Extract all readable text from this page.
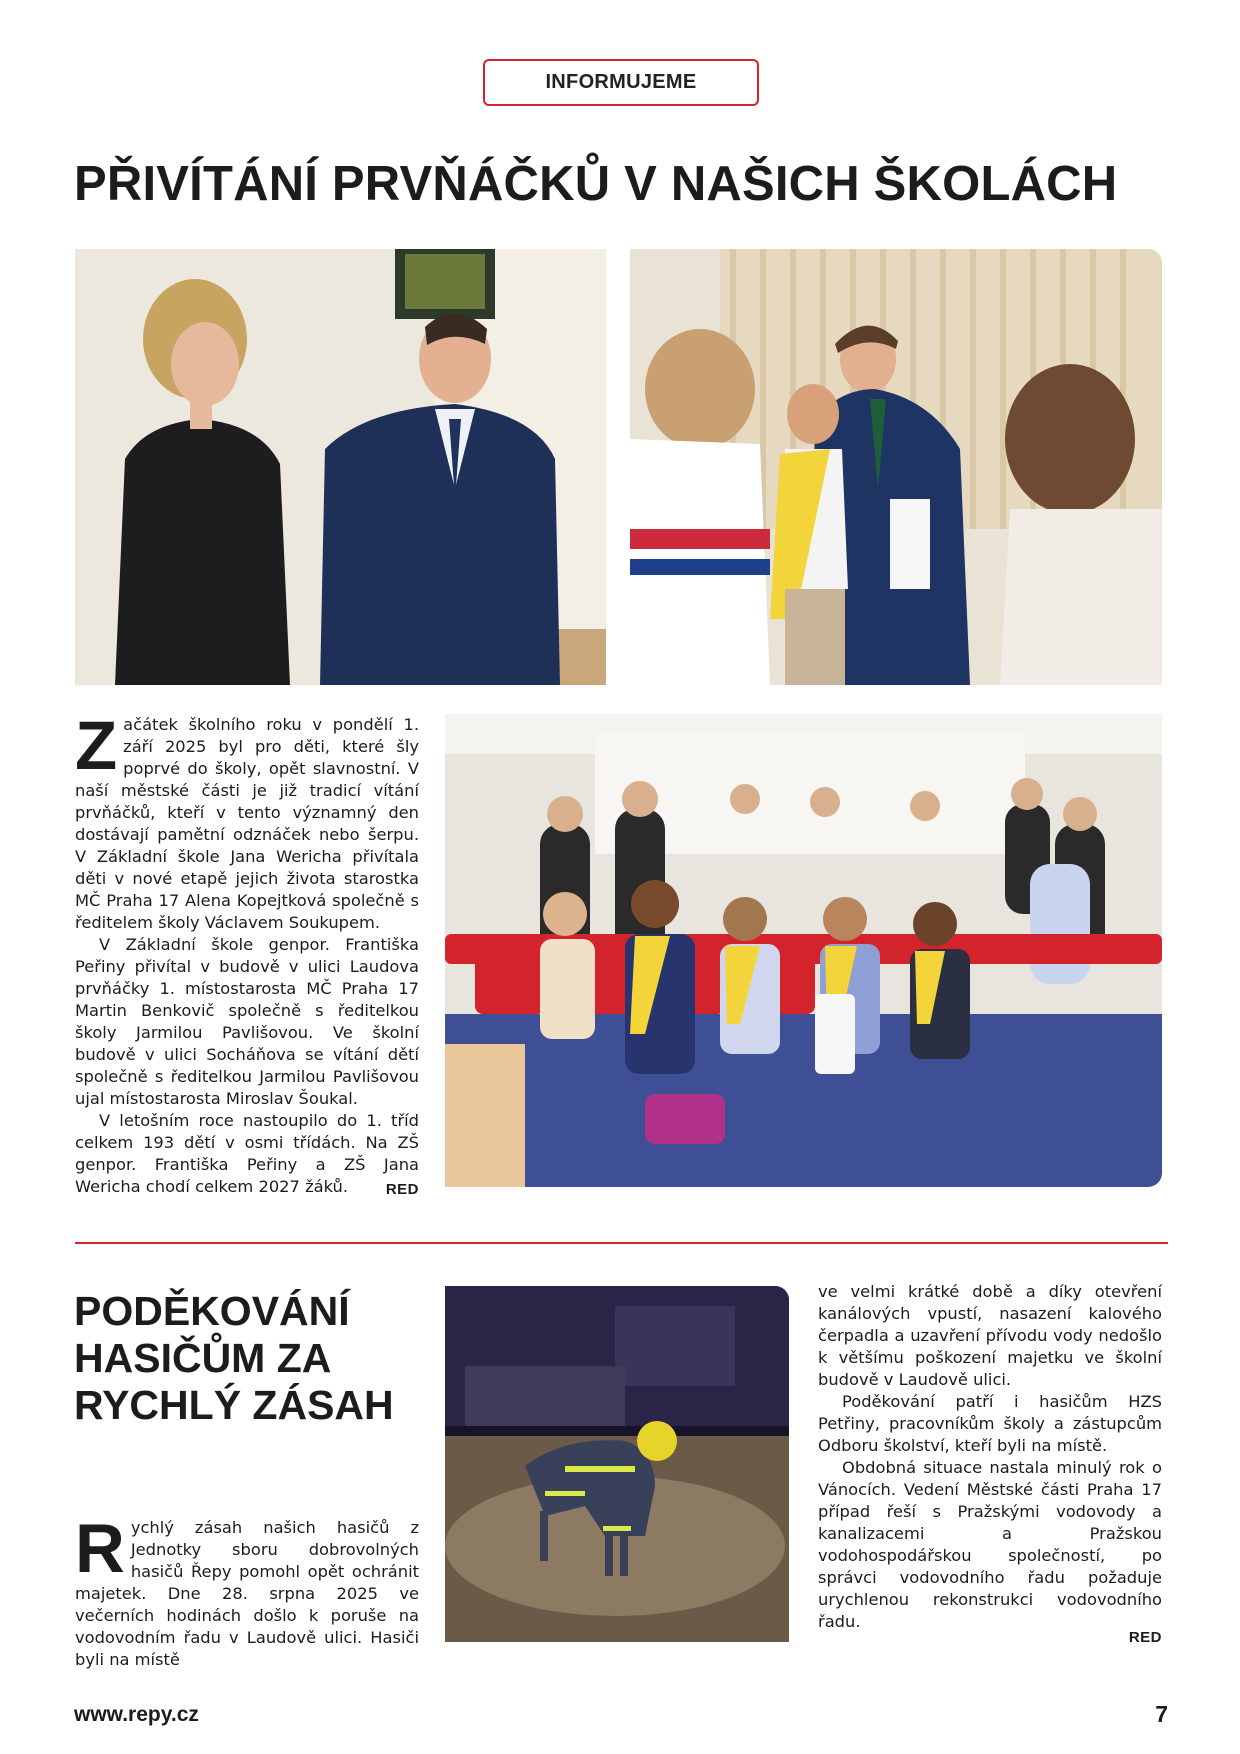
INFORMUJEME
PŘIVÍTÁNÍ PRVŇÁČKŮ V NAŠICH ŠKOLÁCH

Začátek školního roku v pondělí 1. září 2025 byl pro děti, které šly poprvé do školy, opět slavnostní. V naší městské části je již tradicí vítání prvňáčků, kteří v tento významný den dostávají pamětní odznáček nebo šerpu. V Základní škole Jana Wericha přivítala děti v nové etapě jejich života starostka MČ Praha 17 Alena Kopejtková společně s ředitelem školy Václavem Soukupem.

V Základní škole genpor. Františka Peřiny přivítal v budově v ulici Laudova prvňáčky 1. místostarosta MČ Praha 17 Martin Benkovič společně s ředitelkou školy Jarmilou Pavlišovou. Ve školní budově v ulici Socháňova se vítání dětí společně s ředitelkou Jarmilou Pavlišovou ujal místostarosta Miroslav Šoukal.

V letošním roce nastoupilo do 1. tříd celkem 193 dětí v osmi třídách. Na ZŠ genpor. Františka Peřiny a ZŠ Jana Wericha chodí celkem 2027 žáků.	RED

PODĚKOVÁNÍ HASIČŮM ZA RYCHLÝ ZÁSAH

Rychlý zásah našich hasičů z Jednotky sboru dobrovolných hasičů Řepy pomohl opět ochránit majetek. Dne 28. srpna 2025 ve večerních hodinách došlo k poruše na vodovodním řadu v Laudově ulici. Hasiči byli na místě

ve velmi krátké době a díky otevření kanálových vpustí, nasazení kalového čerpadla a uzavření přívodu vody nedošlo k většímu poškození majetku ve školní budově v Laudově ulici.

Poděkování patří i hasičům HZS Petřiny, pracovníkům školy a zástupcům Odboru školství, kteří byli na místě.

Obdobná situace nastala minulý rok o Vánocích. Vedení Městské části Praha 17 případ řeší s Pražskými vodovody a kanalizacemi a Pražskou vodohospodářskou společností, po správci vodovodního řadu požaduje urychlenou rekonstrukci vodovodního řadu.

RED
www.repy.cz	7
